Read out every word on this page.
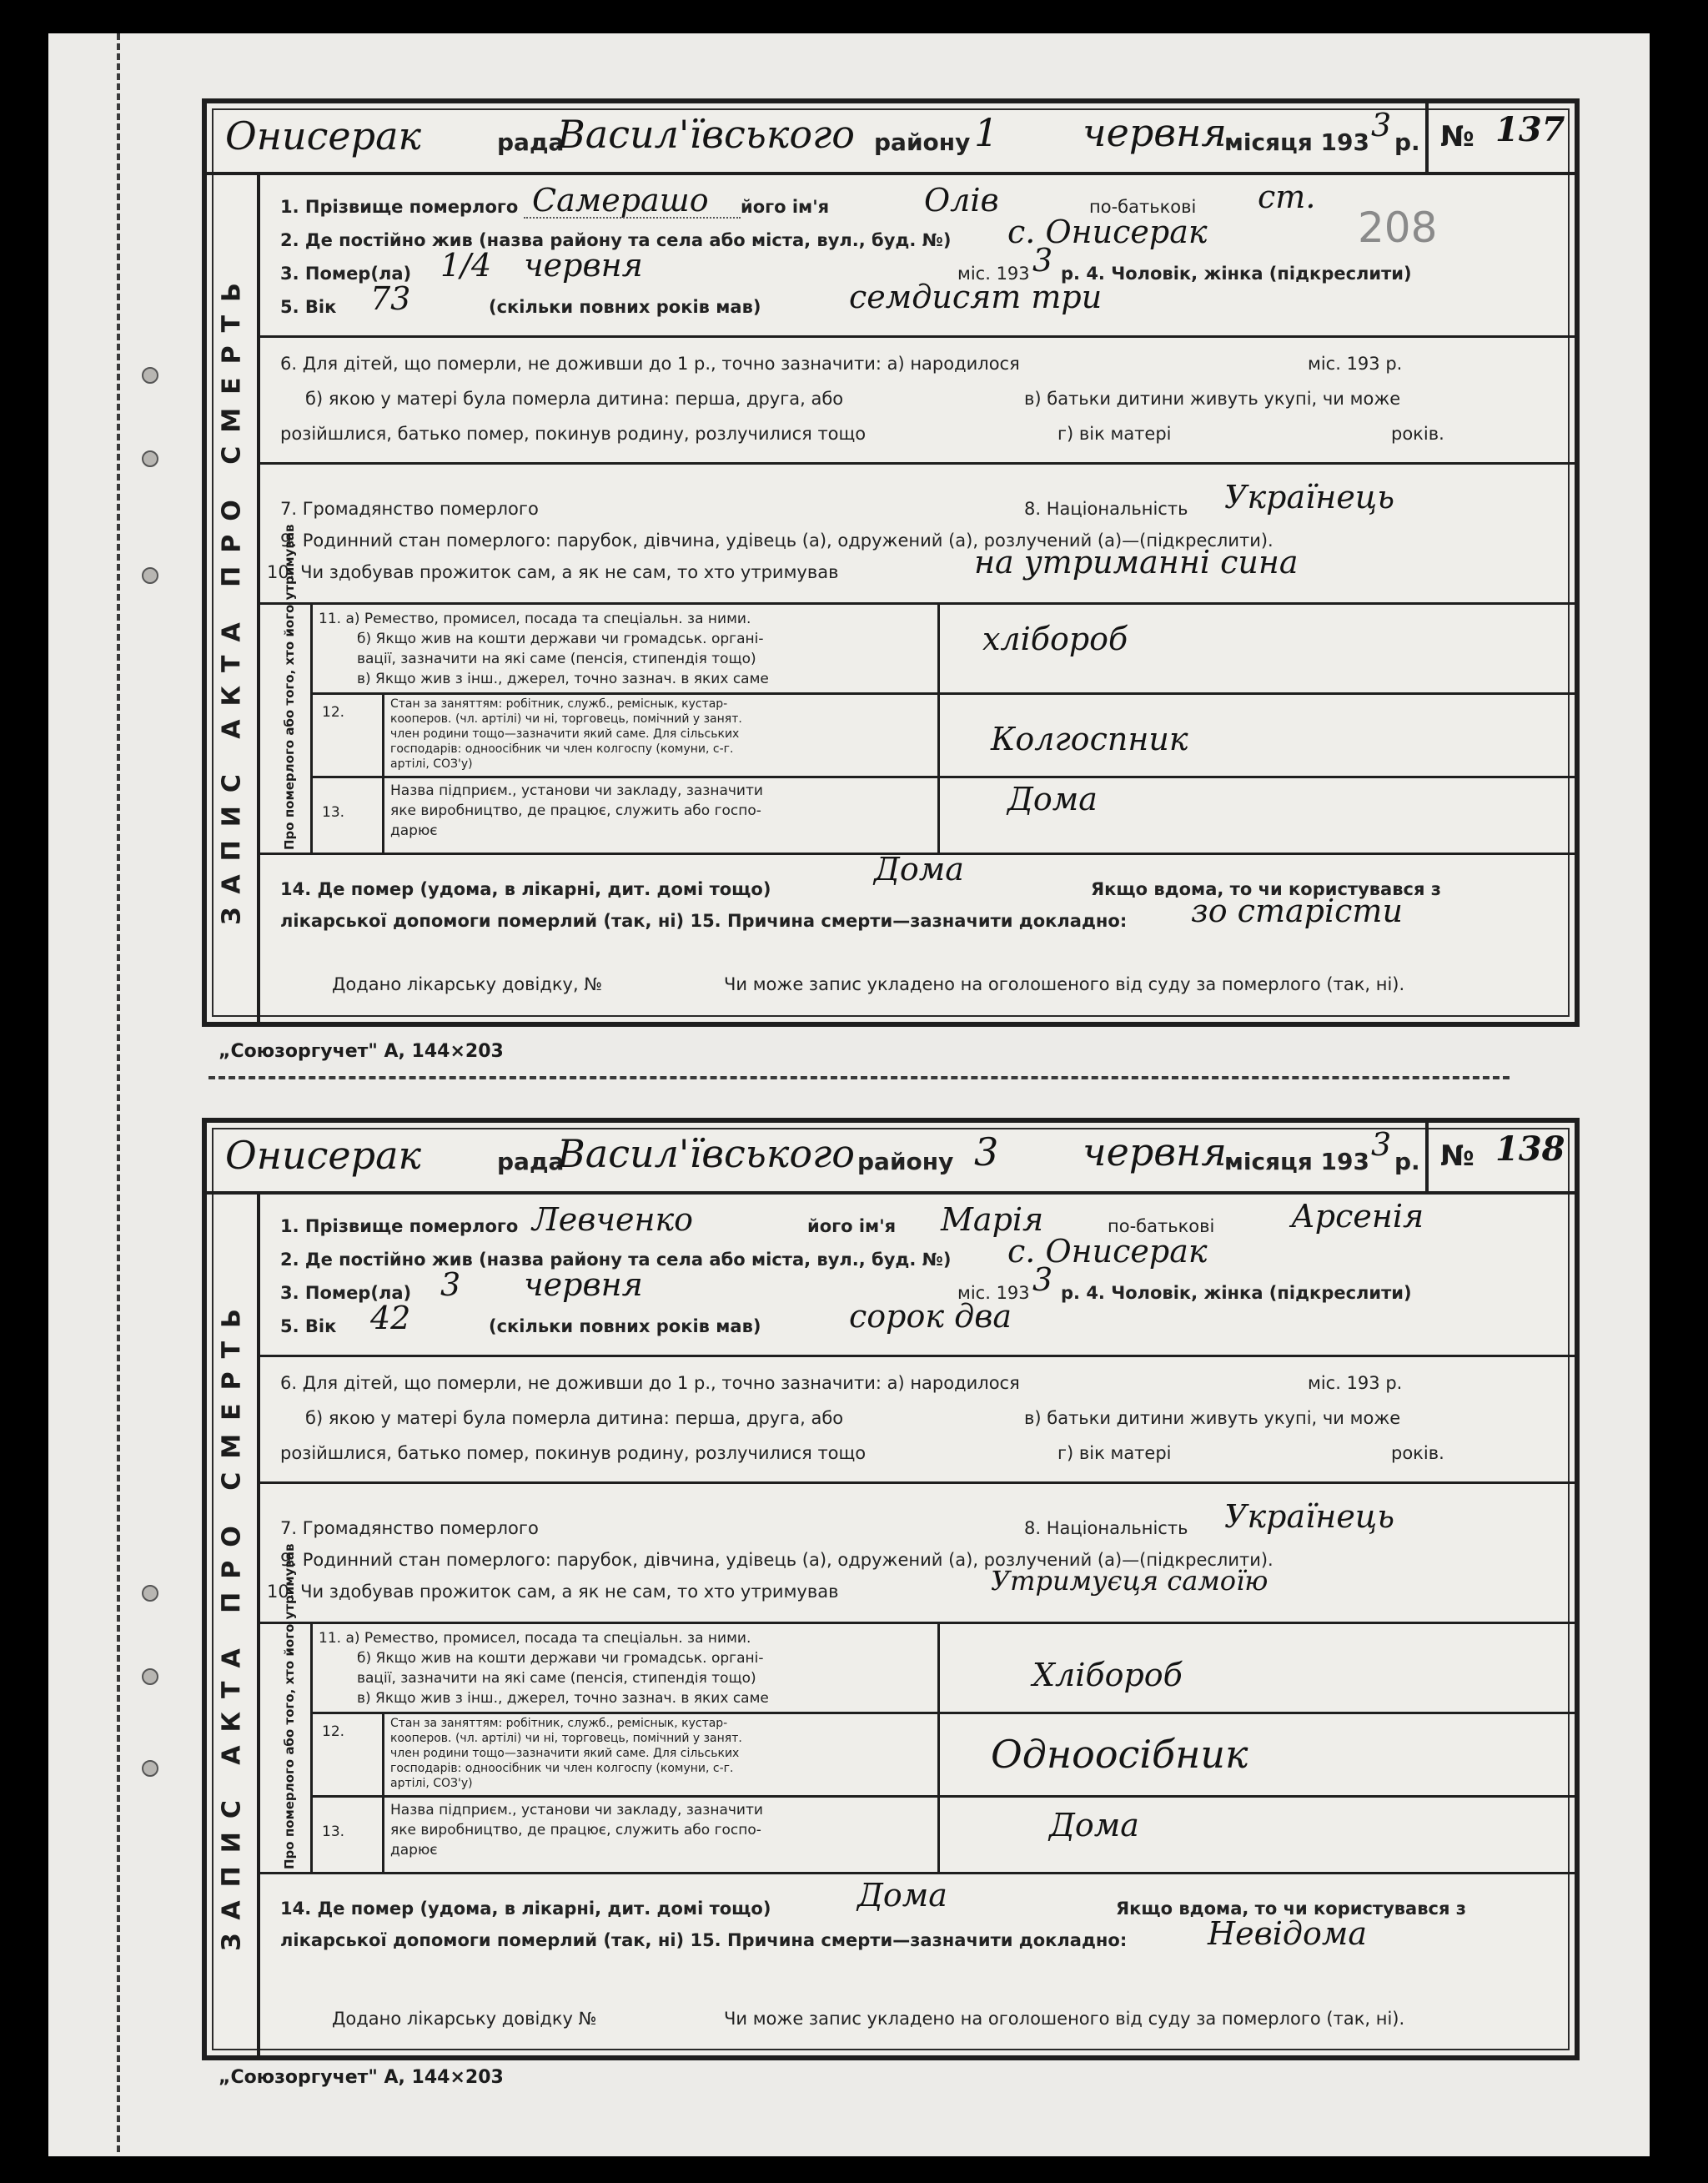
Онисерак	рада
Васил'ївського району 1 червня
місяця 193 3 р. № 137
ЗАПИС АКТА ПРО СМЕРТЬ
208
1. Прізвище померлого Самерашо його ім'я	Олів	по-батькові ст.
2. Де постійно жив (назва району та села або міста, вул., буд. №) с. Онисерак
3. Помер(ла) 1/4 червня	міс. 193 3 р. 4. Чоловік, жінка (підкреслити)
5. Вік 73	(скільки повних років мав)	семдисят три
6. Для дітей, що померли, не доживши до 1 р., точно зазначити: а) народилося	міс. 193 р.
б) якою у матері була померла дитина: перша, друга, або	в) батьки дитини живуть укупі, чи може
розійшлися, батько помер, покинув родину, розлучилися тощо	г) вік матері	років.
7. Громадянство померлого	8. Національність Українець
9. Родинний стан померлого: парубок, дівчина, удівець (а), одружений (а), розлучений (а)—(підкреслити).
10. Чи здобував прожиток сам, а як не сам, то хто утримував	на утриманні сина
Про померлого або того, хто його утримував 11. а) Ремество, промисел, посада та спеціальн. за ними.
б) Якщо жив на кошти держави чи громадськ. органі-
вації, зазначити на які саме (пенсія, стипендія тощо)
в) Якщо жив з інш., джерел, точно зазнач. в яких саме
хлібороб
12.	Стан за заняттям: робітник, служб., реміснык, кустар-
кооперов. (чл. артілі) чи ні, торговець, помічний у занят.
член родини тощо—зазначити який саме. Для сільських
господарів: одноосібник чи член колгоспу (комуни, с-г.
артілі, СОЗ'у)
Колгоспник
13.
Назва підприєм., установи чи закладу, зазначити
яке виробництво, де працює, служить або госпо-
дарює
Дома
14. Де помер (удома, в лікарні, дит. домі тощо)
Дома
Якщо вдома, то чи користувався з
лікарської допомоги померлий (так, ні) 15. Причина смерти—зазначити докладно: зо старісти
Додано лікарську довідку, №	Чи може запис укладено на оголошеного від суду за померлого (так, ні).
„Союзоргучет" А, 144×203
Онисерак	рада
Васил'ївського району 3 червня
місяця 193 3 р. № 138
ЗАПИС АКТА ПРО СМЕРТЬ
1. Прізвище померлого Левченко	його ім'я Марія	по-батькові Арсенія
2. Де постійно жив (назва району та села або міста, вул., буд. №) с. Онисерак
3. Помер(ла) 3 червня	міс. 193 3 р. 4. Чоловік, жінка (підкреслити)
5. Вік 42	(скільки повних років мав)	сорок два
6. Для дітей, що померли, не доживши до 1 р., точно зазначити: а) народилося	міс. 193 р.
б) якою у матері була померла дитина: перша, друга, або	в) батьки дитини живуть укупі, чи може
розійшлися, батько помер, покинув родину, розлучилися тощо	г) вік матері	років.
7. Громадянство померлого	8. Національність Українець
9. Родинний стан померлого: парубок, дівчина, удівець (а), одружений (а), розлучений (а)—(підкреслити).
10. Чи здобував прожиток сам, а як не сам, то хто утримував	Утримуєця самоїю
Про померлого або того, хто його утримував 11. а) Ремество, промисел, посада та спеціальн. за ними.
б) Якщо жив на кошти держави чи громадськ. органі-
вації, зазначити на які саме (пенсія, стипендія тощо)
в) Якщо жив з інш., джерел, точно зазнач. в яких саме
Хлібороб
12.	Стан за заняттям: робітник, служб., реміснык, кустар-
кооперов. (чл. артілі) чи ні, торговець, помічний у занят.
член родини тощо—зазначити який саме. Для сільських
господарів: одноосібник чи член колгоспу (комуни, с-г.
артілі, СОЗ'у)
Одноосібник
13.
Назва підприєм., установи чи закладу, зазначити
яке виробництво, де працює, служить або госпо-
дарює
Дома
14. Де помер (удома, в лікарні, дит. домі тощо)	Дома	Якщо вдома, то чи користувався з
лікарської допомоги померлий (так, ні) 15. Причина смерти—зазначити докладно:	Невідома
Додано лікарську довідку №	Чи може запис укладено на оголошеного від суду за померлого (так, ні).
„Союзоргучет" А, 144×203
